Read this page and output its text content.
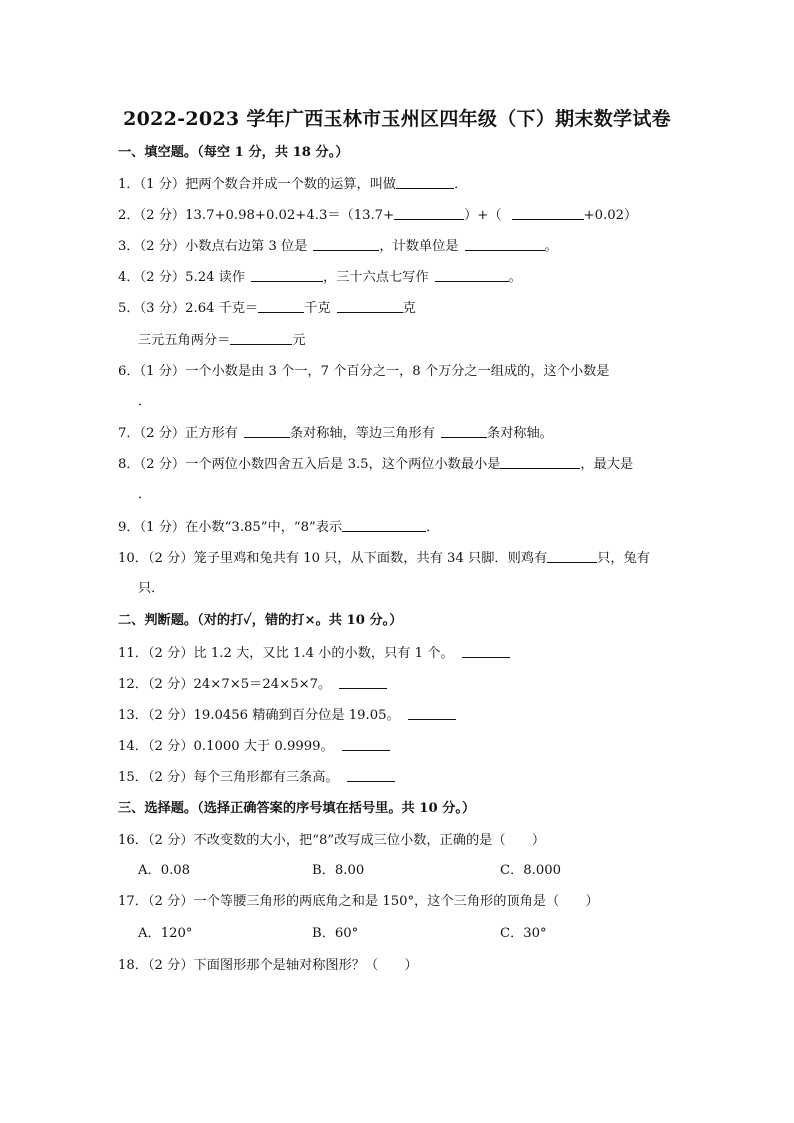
2022-2023 学年广西玉林市玉州区四年级（下）期末数学试卷
一、填空题。（每空 1 分，共 18 分。）
1．（1 分）把两个数合并成一个数的运算，叫做	．
2．（2 分）13.7+0.98+0.02+4.3＝（13.7+	）+（	+0.02）
3．（2 分）小数点右边第 3 位是	，计数单位是	。
4．（2 分）5.24 读作	，三十六点七写作	。
5．（3 分）2.64 千克＝	千克	克
三元五角两分＝	元
6．（1 分）一个小数是由 3 个一，7 个百分之一，8 个万分之一组成的，这个小数是
．
7．（2 分）正方形有	条对称轴，等边三角形有	条对称轴。
8．（2 分）一个两位小数四舍五入后是 3.5，这个两位小数最小是	，最大是
．
9．（1 分）在小数“3.85”中，“8”表示	．
10．（2 分）笼子里鸡和兔共有 10 只，从下面数，共有 34 只脚．则鸡有	只，兔有
只．
二、判断题。（对的打✓，错的打×。共 10 分。）
11．（2 分）比 1.2 大，又比 1.4 小的小数，只有 1 个。
12．（2 分）24×7×5＝24×5×7。
13．（2 分）19.0456 精确到百分位是 19.05。
14．（2 分）0.1000 大于 0.9999。
15．（2 分）每个三角形都有三条高。
三、选择题。（选择正确答案的序号填在括号里。共 10 分。）
16．（2 分）不改变数的大小，把“8”改写成三位小数，正确的是（　　）
A．0.08	B．8.00	C．8.000
17．（2 分）一个等腰三角形的两底角之和是 150°，这个三角形的顶角是（　　）
A．120°	B．60°	C．30°
18．（2 分）下面图形那个是轴对称图形？（　　）
